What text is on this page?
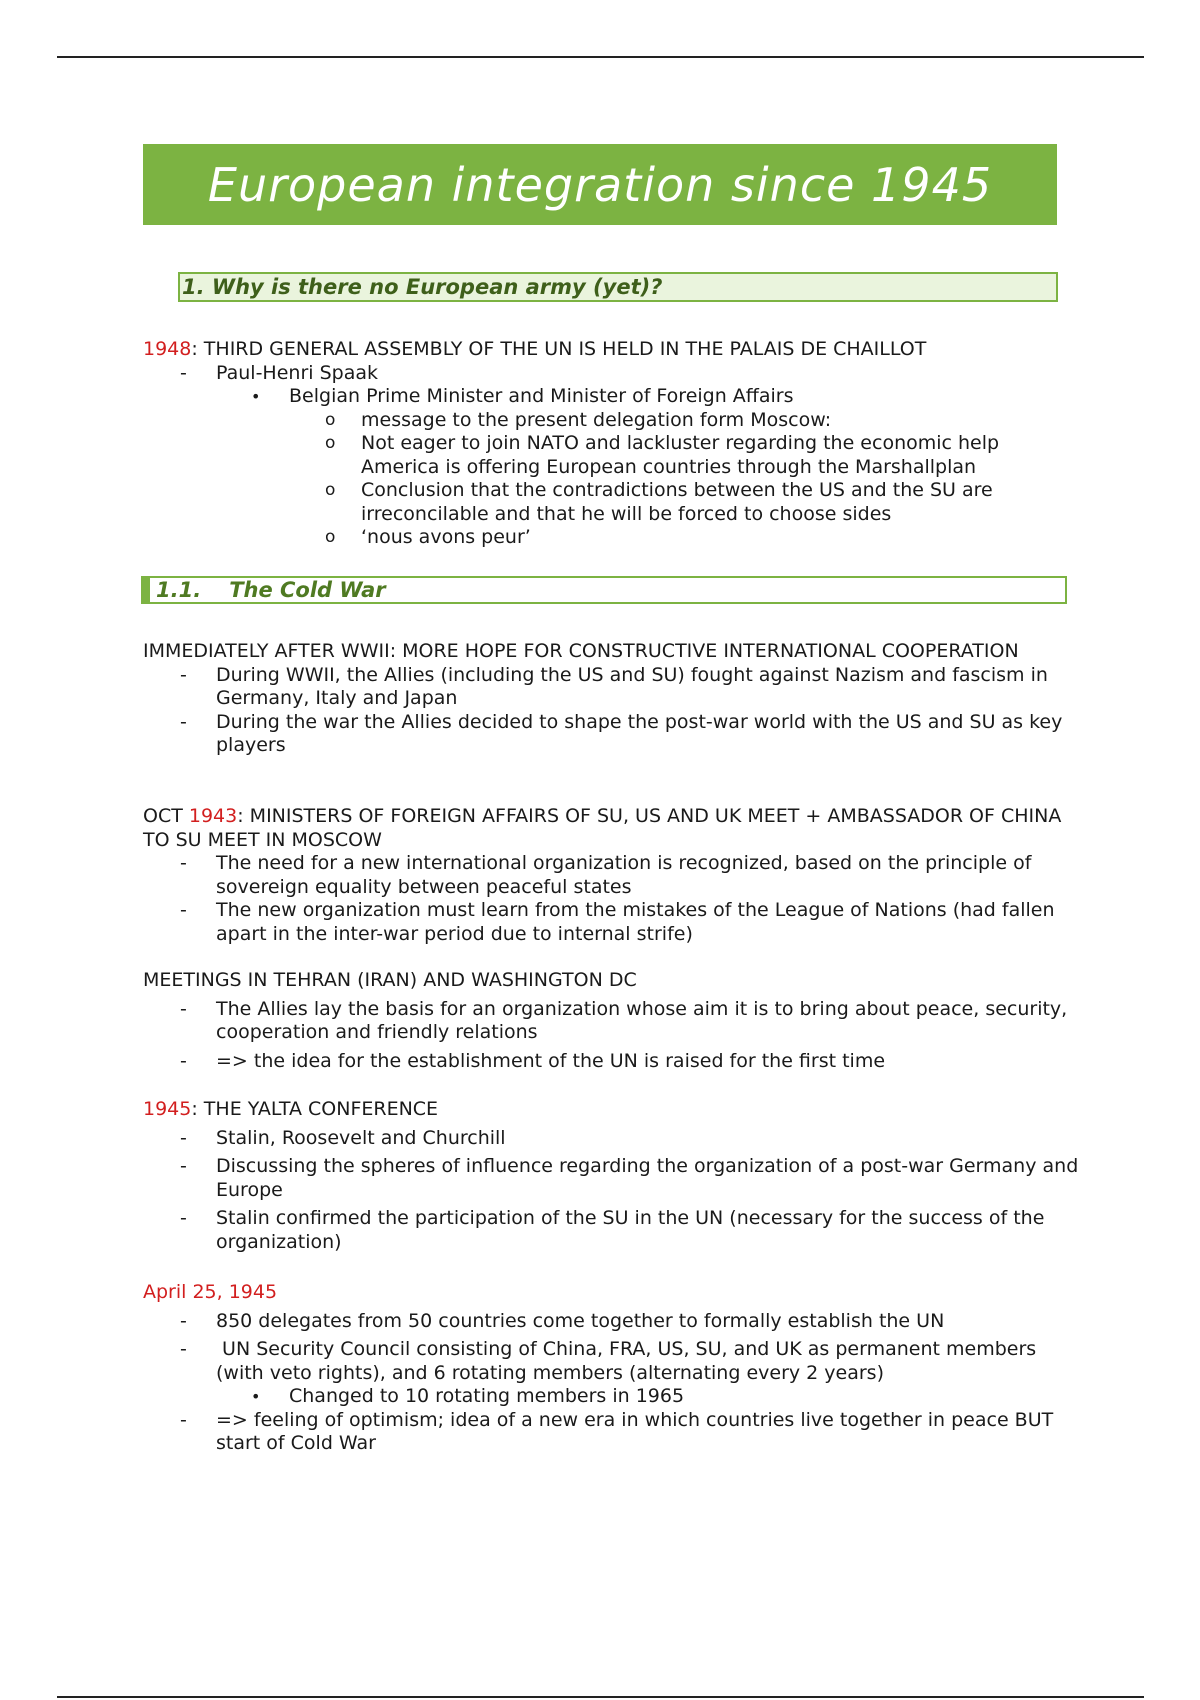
European integration since 1945
1. Why is there no European army (yet)?

1948: THIRD GENERAL ASSEMBLY OF THE UN IS HELD IN THE PALAIS DE CHAILLOT

- Paul-Henri Spaak
• Belgian Prime Minister and Minister of Foreign Affairs
o message to the present delegation form Moscow:
o Not eager to join NATO and lackluster regarding the economic help America is offering European countries through the Marshallplan
o Conclusion that the contradictions between the US and the SU are irreconcilable and that he will be forced to choose sides
o ‘nous avons peur’
1.1. The Cold War

IMMEDIATELY AFTER WWII: MORE HOPE FOR CONSTRUCTIVE INTERNATIONAL COOPERATION

- During WWII, the Allies (including the US and SU) fought against Nazism and fascism in Germany, Italy and Japan
- During the war the Allies decided to shape the post-war world with the US and SU as key players

OCT 1943: MINISTERS OF FOREIGN AFFAIRS OF SU, US AND UK MEET + AMBASSADOR OF CHINA TO SU MEET IN MOSCOW

- The need for a new international organization is recognized, based on the principle of sovereign equality between peaceful states
- The new organization must learn from the mistakes of the League of Nations (had fallen apart in the inter-war period due to internal strife)

MEETINGS IN TEHRAN (IRAN) AND WASHINGTON DC

- The Allies lay the basis for an organization whose aim it is to bring about peace, security, cooperation and friendly relations
- => the idea for the establishment of the UN is raised for the first time

1945: THE YALTA CONFERENCE

- Stalin, Roosevelt and Churchill
- Discussing the spheres of influence regarding the organization of a post-war Germany and Europe
- Stalin confirmed the participation of the SU in the UN (necessary for the success of the organization)

April 25, 1945

- 850 delegates from 50 countries come together to formally establish the UN
- UN Security Council consisting of China, FRA, US, SU, and UK as permanent members (with veto rights), and 6 rotating members (alternating every 2 years)
• Changed to 10 rotating members in 1965
- => feeling of optimism; idea of a new era in which countries live together in peace BUT start of Cold War
